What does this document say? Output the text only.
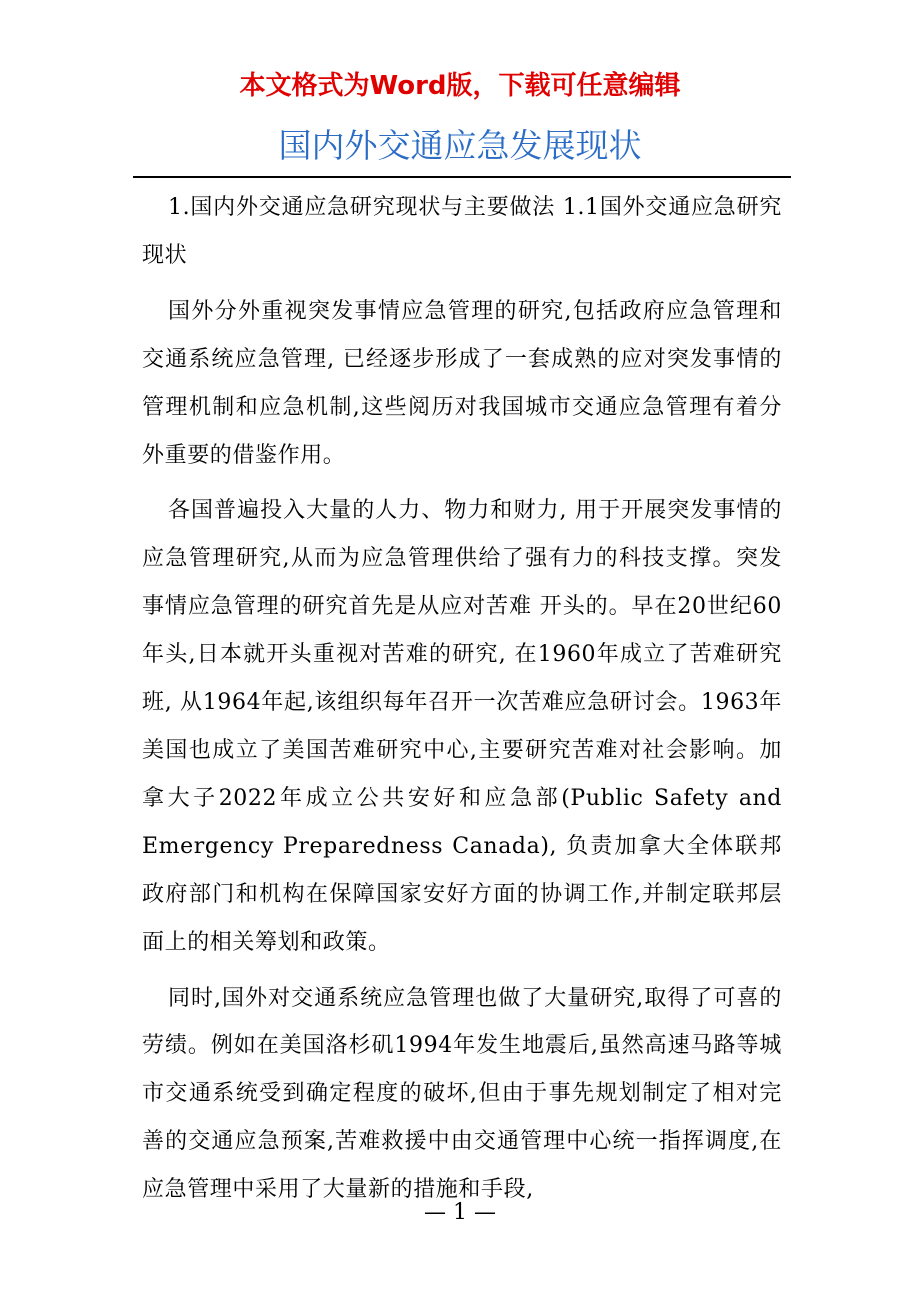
本文格式为Word版，下载可任意编辑
国内外交通应急发展现状

1.国内外交通应急研究现状与主要做法 1.1国外交通应急研究现状

国外分外重视突发事情应急管理的研究,包括政府应急管理和交通系统应急管理, 已经逐步形成了一套成熟的应对突发事情的管理机制和应急机制,这些阅历对我国城市交通应急管理有着分外重要的借鉴作用。

各国普遍投入大量的人力、物力和财力, 用于开展突发事情的应急管理研究,从而为应急管理供给了强有力的科技支撑。突发事情应急管理的研究首先是从应对苦难 开头的。早在20世纪60年头,日本就开头重视对苦难的研究, 在1960年成立了苦难研究班, 从1964年起,该组织每年召开一次苦难应急研讨会。1963年美国也成立了美国苦难研究中心,主要研究苦难对社会影响。加拿大子2022年成立公共安好和应急部(Public Safety and Emergency Preparedness Canada), 负责加拿大全体联邦政府部门和机构在保障国家安好方面的协调工作,并制定联邦层面上的相关筹划和政策。

同时,国外对交通系统应急管理也做了大量研究,取得了可喜的劳绩。例如在美国洛杉矶1994年发生地震后,虽然高速马路等城市交通系统受到确定程度的破坏,但由于事先规划制定了相对完善的交通应急预案,苦难救援中由交通管理中心统一指挥调度,在应急管理中采用了大量新的措施和手段,

— 1 —
